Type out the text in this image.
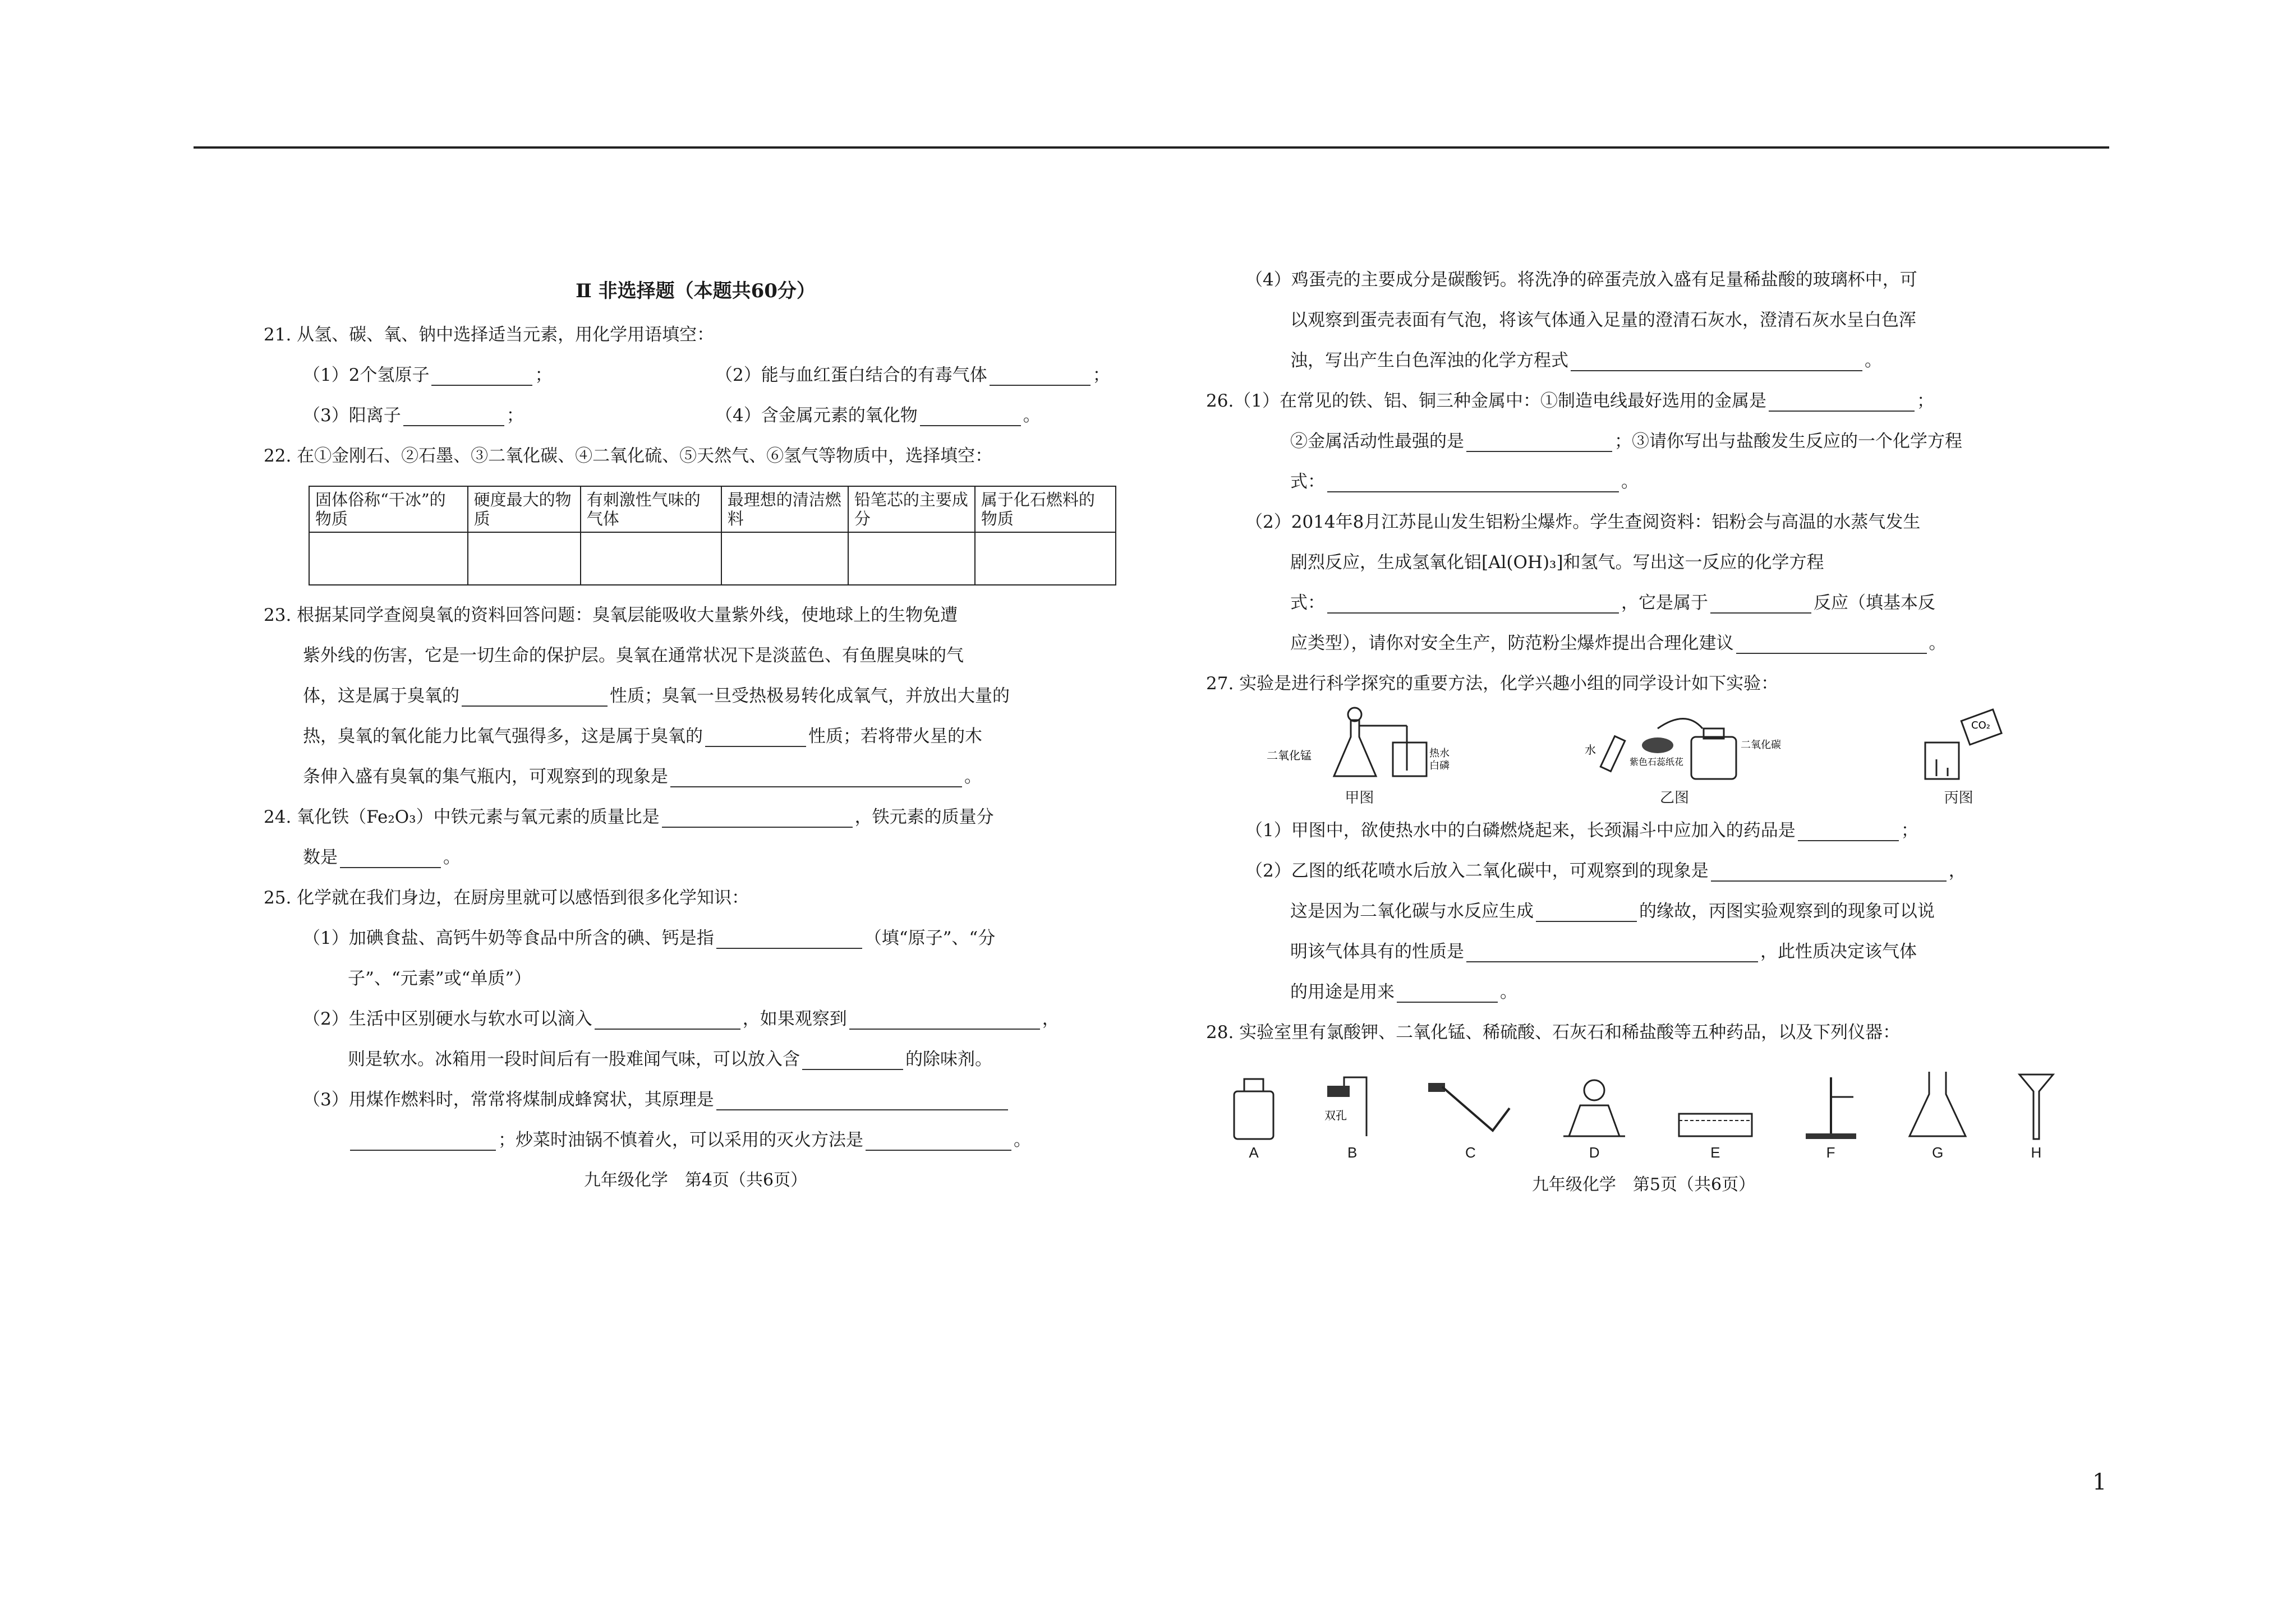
Ⅱ 非选择题（本题共60分）
21. 从氢、碳、氧、钠中选择适当元素，用化学用语填空：
（1）2个氢原子	；	（2）能与血红蛋白结合的有毒气体	；
（3）阳离子	；	（4）含金属元素的氧化物	。
22. 在①金刚石、②石墨、③二氧化碳、④二氧化硫、⑤天然气、⑥氢气等物质中，选择填空：
固体俗称“干冰”的物质	硬度最大的物质	有刺激性气味的气体	最理想的清洁燃料	铅笔芯的主要成分	属于化石燃料的物质

23. 根据某同学查阅臭氧的资料回答问题：臭氧层能吸收大量紫外线，使地球上的生物免遭
紫外线的伤害，它是一切生命的保护层。臭氧在通常状况下是淡蓝色、有鱼腥臭味的气
体，这是属于臭氧的	性质；臭氧一旦受热极易转化成氧气，并放出大量的
热，臭氧的氧化能力比氧气强得多，这是属于臭氧的	性质；若将带火星的木
条伸入盛有臭氧的集气瓶内，可观察到的现象是	。
24. 氧化铁（Fe₂O₃）中铁元素与氧元素的质量比是	，铁元素的质量分
数是	。
25. 化学就在我们身边，在厨房里就可以感悟到很多化学知识：
（1）加碘食盐、高钙牛奶等食品中所含的碘、钙是指	（填“原子”、“分
子”、“元素”或“单质”）
（2）生活中区别硬水与软水可以滴入	，如果观察到	，
则是软水。冰箱用一段时间后有一股难闻气味，可以放入含	的除味剂。
（3）用煤作燃料时，常常将煤制成蜂窝状，其原理是
；炒菜时油锅不慎着火，可以采用的灭火方法是	。
九年级化学　第4页（共6页）
（4）鸡蛋壳的主要成分是碳酸钙。将洗净的碎蛋壳放入盛有足量稀盐酸的玻璃杯中，可
以观察到蛋壳表面有气泡，将该气体通入足量的澄清石灰水，澄清石灰水呈白色浑
浊，写出产生白色浑浊的化学方程式	。
26.（1）在常见的铁、铝、铜三种金属中：①制造电线最好选用的金属是	；
②金属活动性最强的是	；③请你写出与盐酸发生反应的一个化学方程
式：	。
（2）2014年8月江苏昆山发生铝粉尘爆炸。学生查阅资料：铝粉会与高温的水蒸气发生
剧烈反应，生成氢氧化铝[Al(OH)₃]和氢气。写出这一反应的化学方程
式：	，它是属于	反应（填基本反
应类型），请你对安全生产，防范粉尘爆炸提出合理化建议	。
27. 实验是进行科学探究的重要方法，化学兴趣小组的同学设计如下实验：
二氧化锰	热水
白磷
甲图
水
紫色石蕊纸花
二氧化碳
乙图
CO₂
丙图
（1）甲图中，欲使热水中的白磷燃烧起来，长颈漏斗中应加入的药品是	；
（2）乙图的纸花喷水后放入二氧化碳中，可观察到的现象是	，
这是因为二氧化碳与水反应生成	的缘故，丙图实验观察到的现象可以说
明该气体具有的性质是	，此性质决定该气体
的用途是用来	。
28. 实验室里有氯酸钾、二氧化锰、稀硫酸、石灰石和稀盐酸等五种药品，以及下列仪器：
A
双孔
B	C	D	E	F	G	H
九年级化学　第5页（共6页）
1
